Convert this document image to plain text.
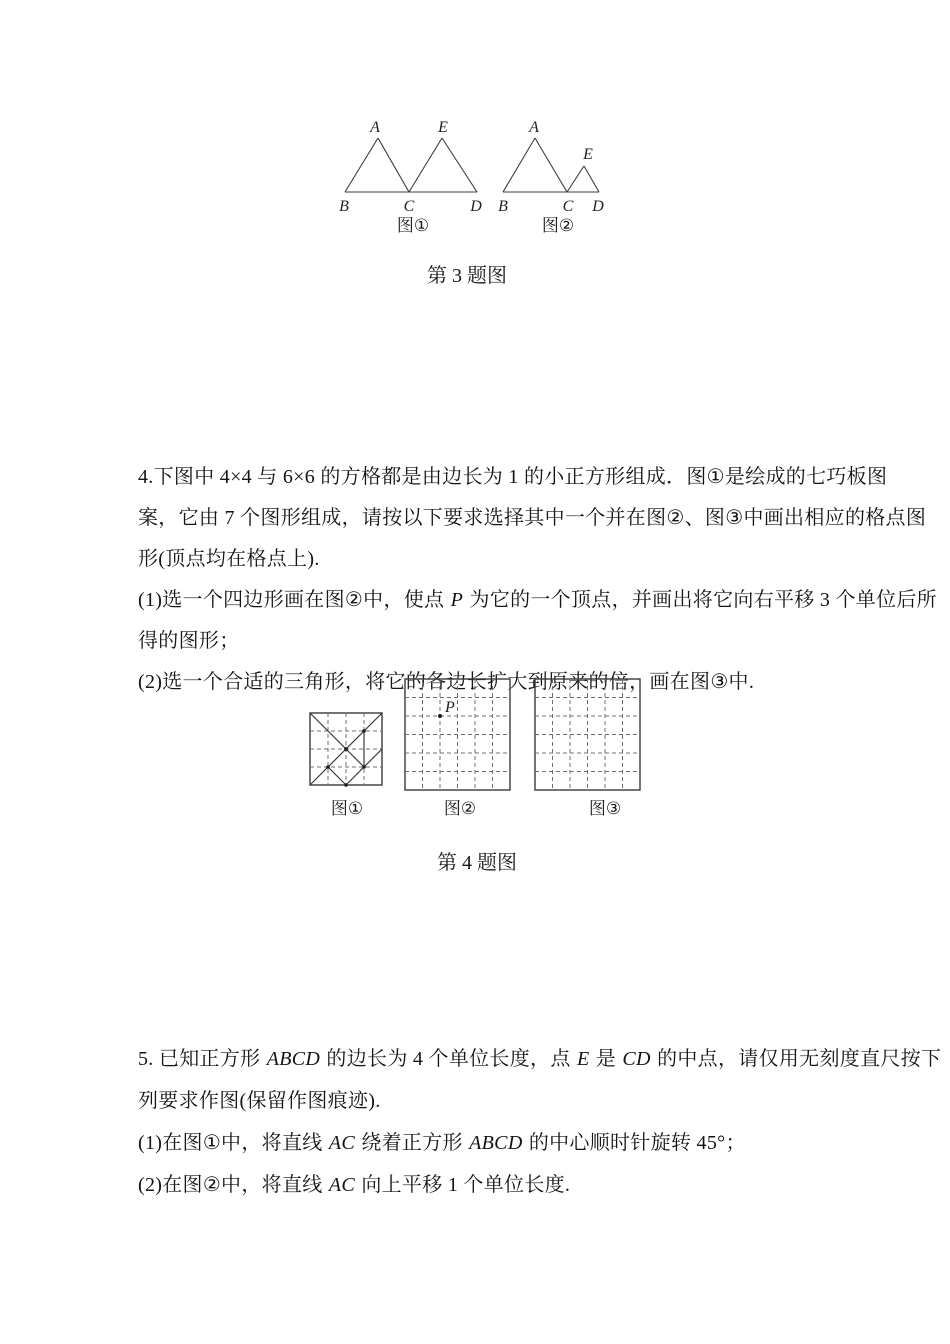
A	E
B	C	D
图①
A
E
B	C D
图②
第 3 题图
4.下图中 4×4 与 6×6 的方格都是由边长为 1 的小正方形组成．图①是绘成的七巧板图
案，它由 7 个图形组成，请按以下要求选择其中一个并在图②、图③中画出相应的格点图
形(顶点均在格点上).
(1)选一个四边形画在图②中，使点 P 为它的一个顶点，并画出将它向右平移 3 个单位后所
得的图形；
(2)选一个合适的三角形，将它的各边长扩大到原来的倍，画在图③中.
图①
P
图②	图③
第 4 题图
5. 已知正方形 ABCD 的边长为 4 个单位长度，点 E 是 CD 的中点，请仅用无刻度直尺按下
列要求作图(保留作图痕迹).
(1)在图①中，将直线 AC 绕着正方形 ABCD 的中心顺时针旋转 45°；
(2)在图②中，将直线 AC 向上平移 1 个单位长度.
